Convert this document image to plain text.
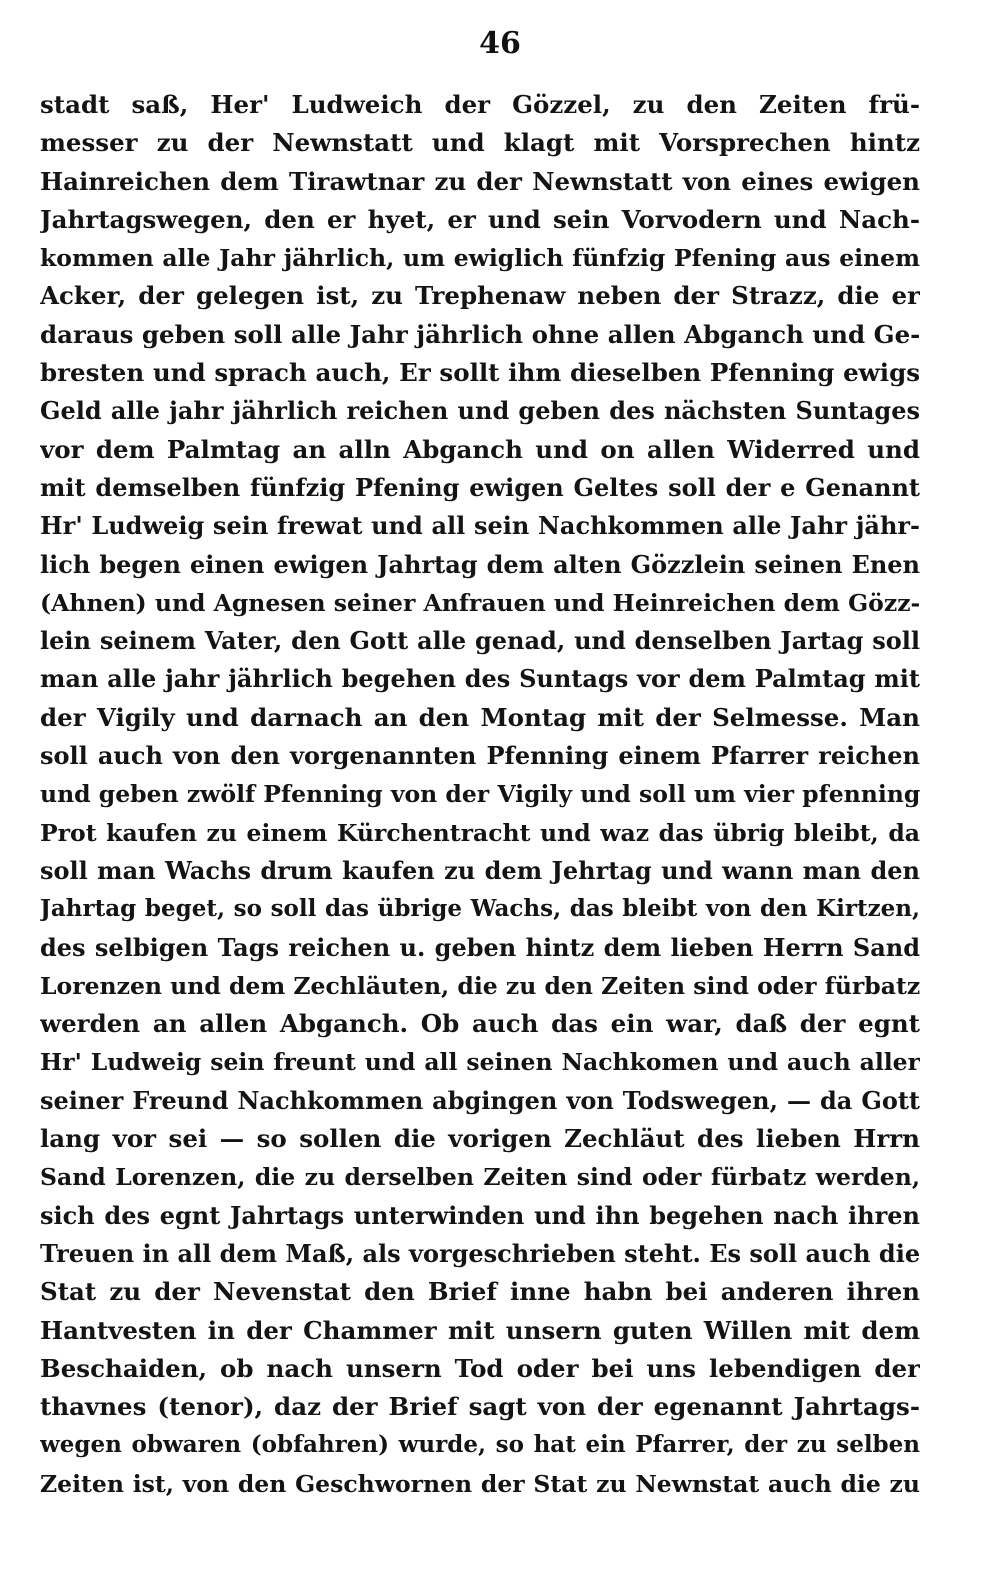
46
stadt saß, Her' Ludweich der Gözzel, zu den Zeiten frü-
messer zu der Newnstatt und klagt mit Vorsprechen hintz
Hainreichen dem Tirawtnar zu der Newnstatt von eines ewigen
Jahrtagswegen, den er hyet, er und sein Vorvodern und Nach-
kommen alle Jahr jährlich, um ewiglich fünfzig Pfening aus einem
Acker, der gelegen ist, zu Trephenaw neben der Strazz, die er
daraus geben soll alle Jahr jährlich ohne allen Abganch und Ge-
bresten und sprach auch, Er sollt ihm dieselben Pfenning ewigs
Geld alle jahr jährlich reichen und geben des nächsten Suntages
vor dem Palmtag an alln Abganch und on allen Widerred und
mit demselben fünfzig Pfening ewigen Geltes soll der e Genannt
Hr' Ludweig sein frewat und all sein Nachkommen alle Jahr jähr-
lich begen einen ewigen Jahrtag dem alten Gözzlein seinen Enen
(Ahnen) und Agnesen seiner Anfrauen und Heinreichen dem Gözz-
lein seinem Vater, den Gott alle genad, und denselben Jartag soll
man alle jahr jährlich begehen des Suntags vor dem Palmtag mit
der Vigily und darnach an den Montag mit der Selmesse. Man
soll auch von den vorgenannten Pfenning einem Pfarrer reichen
und geben zwölf Pfenning von der Vigily und soll um vier pfenning
Prot kaufen zu einem Kürchentracht und waz das übrig bleibt, da
soll man Wachs drum kaufen zu dem Jehrtag und wann man den
Jahrtag beget, so soll das übrige Wachs, das bleibt von den Kirtzen,
des selbigen Tags reichen u. geben hintz dem lieben Herrn Sand
Lorenzen und dem Zechläuten, die zu den Zeiten sind oder fürbatz
werden an allen Abganch. Ob auch das ein war, daß der egnt
Hr' Ludweig sein freunt und all seinen Nachkomen und auch aller
seiner Freund Nachkommen abgingen von Todswegen, — da Gott
lang vor sei — so sollen die vorigen Zechläut des lieben Hrrn
Sand Lorenzen, die zu derselben Zeiten sind oder fürbatz werden,
sich des egnt Jahrtags unterwinden und ihn begehen nach ihren
Treuen in all dem Maß, als vorgeschrieben steht. Es soll auch die
Stat zu der Nevenstat den Brief inne habn bei anderen ihren
Hantvesten in der Chammer mit unsern guten Willen mit dem
Beschaiden, ob nach unsern Tod oder bei uns lebendigen der
thavnes (tenor), daz der Brief sagt von der egenannt Jahrtags-
wegen obwaren (obfahren) wurde, so hat ein Pfarrer, der zu selben
Zeiten ist, von den Geschwornen der Stat zu Newnstat auch die zu
